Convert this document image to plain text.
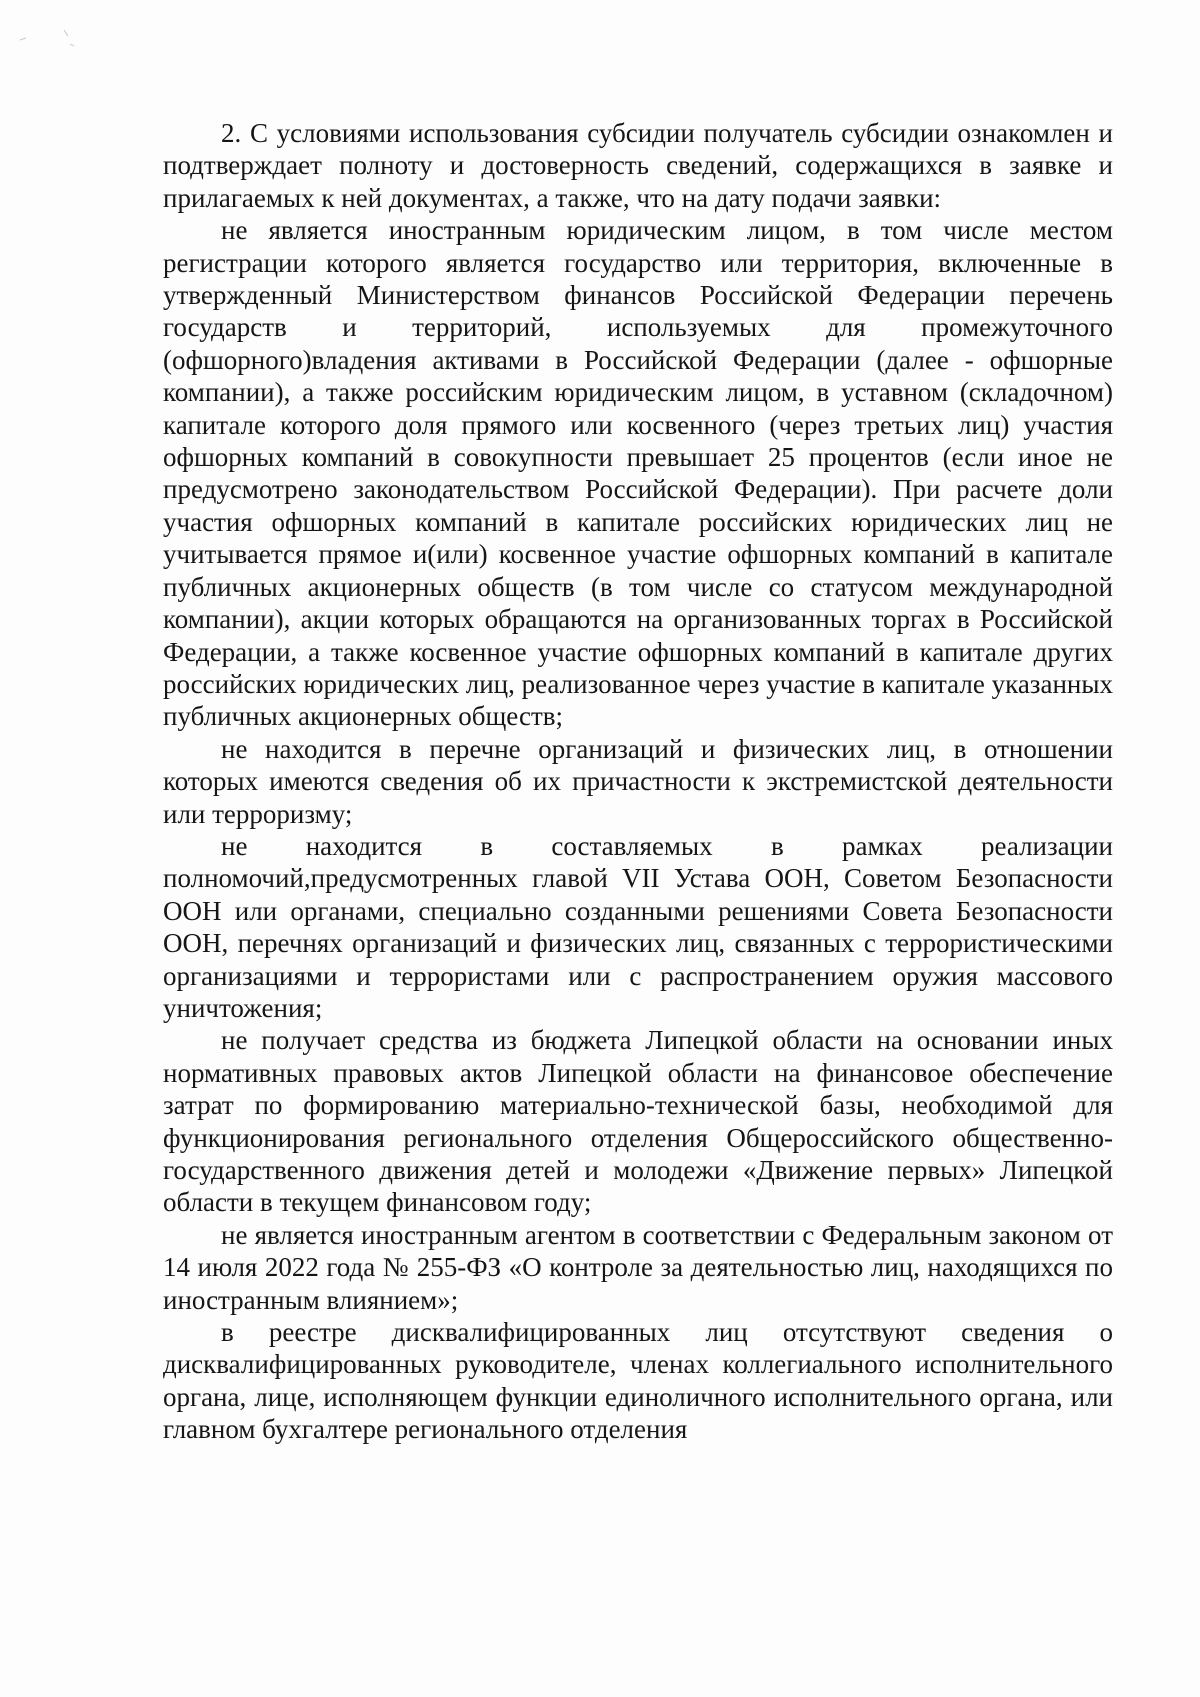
2. С условиями использования субсидии получатель субсидии ознакомлен и подтверждает полноту и достоверность сведений, содержащихся в заявке и прилагаемых к ней документах, а также, что на дату подачи заявки:

не является иностранным юридическим лицом, в том числе местом регистрации которого является государство или территория, включенные в утвержденный Министерством финансов Российской Федерации перечень государств и территорий, используемых для промежуточного (офшорного)владения активами в Российской Федерации (далее - офшорные компании), а также российским юридическим лицом, в уставном (складочном) капитале которого доля прямого или косвенного (через третьих лиц) участия офшорных компаний в совокупности превышает 25 процентов (если иное не предусмотрено законодательством Российской Федерации). При расчете доли участия офшорных компаний в капитале российских юридических лиц не учитывается прямое и(или) косвенное участие офшорных компаний в капитале публичных акционерных обществ (в том числе со статусом международной компании), акции которых обращаются на организованных торгах в Российской Федерации, а также косвенное участие офшорных компаний в капитале других российских юридических лиц, реализованное через участие в капитале указанных публичных акционерных обществ;

не находится в перечне организаций и физических лиц, в отношении которых имеются сведения об их причастности к экстремистской деятельности или терроризму;

не находится в составляемых в рамках реализации полномочий,предусмотренных главой VII Устава ООН, Советом Безопасности ООН или органами, специально созданными решениями Совета Безопасности ООН, перечнях организаций и физических лиц, связанных с террористическими организациями и террористами или с распространением оружия массового уничтожения;

не получает средства из бюджета Липецкой области на основании иных нормативных правовых актов Липецкой области на финансовое обеспечение затрат по формированию материально-технической базы, необходимой для функционирования регионального отделения Общероссийского общественно-государственного движения детей и молодежи «Движение первых» Липецкой области в текущем финансовом году;

не является иностранным агентом в соответствии с Федеральным законом от 14 июля 2022 года № 255-ФЗ «О контроле за деятельностью лиц, находящихся по иностранным влиянием»;

в реестре дисквалифицированных лиц отсутствуют сведения о дисквалифицированных руководителе, членах коллегиального исполнительного органа, лице, исполняющем функции единоличного исполнительного органа, или главном бухгалтере регионального отделения
